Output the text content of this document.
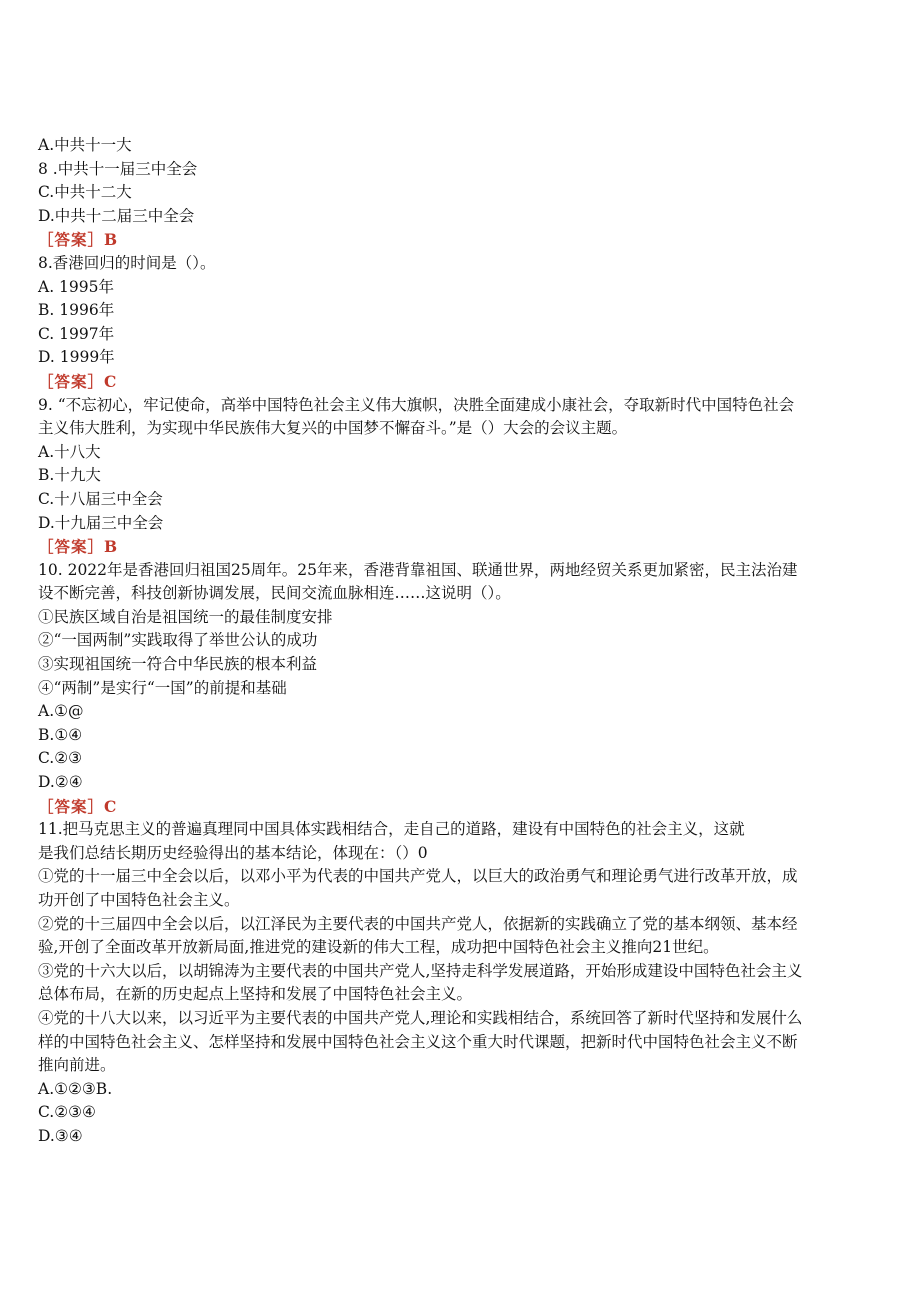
A.中共十一大
8 .中共十一届三中全会
C.中共十二大
D.中共十二届三中全会
［答案］B
8.香港回归的时间是（）。
A. 1995年
B. 1996年
C. 1997年
D. 1999年
［答案］C
9. “不忘初心，牢记使命，高举中国特色社会主义伟大旗帜，决胜全面建成小康社会，夺取新时代中国特色社会
主义伟大胜利，为实现中华民族伟大复兴的中国梦不懈奋斗。”是（）大会的会议主题。
A.十八大
B.十九大
C.十八届三中全会
D.十九届三中全会
［答案］B
10. 2022年是香港回归祖国25周年。25年来，香港背靠祖国、联通世界，两地经贸关系更加紧密，民主法治建
设不断完善，科技创新协调发展，民间交流血脉相连……这说明（）。
①民族区域自治是祖国统一的最佳制度安排
②“一国两制”实践取得了举世公认的成功
③实现祖国统一符合中华民族的根本利益
④“两制”是实行“一国”的前提和基础
A.①@
B.①④
C.②③
D.②④
［答案］C
11.把马克思主义的普遍真理同中国具体实践相结合，走自己的道路，建设有中国特色的社会主义，这就
是我们总结长期历史经验得出的基本结论，体现在：（）0
①党的十一届三中全会以后，以邓小平为代表的中国共产党人，以巨大的政治勇气和理论勇气进行改革开放，成
功开创了中国特色社会主义。
②党的十三届四中全会以后，以江泽民为主要代表的中国共产党人，依据新的实践确立了党的基本纲领、基本经
验,开创了全面改革开放新局面,推进党的建设新的伟大工程，成功把中国特色社会主义推向21世纪。
③党的十六大以后，以胡锦涛为主要代表的中国共产党人,坚持走科学发展道路，开始形成建设中国特色社会主义
总体布局，在新的历史起点上坚持和发展了中国特色社会主义。
④党的十八大以来，以习近平为主要代表的中国共产党人,理论和实践相结合，系统回答了新时代坚持和发展什么
样的中国特色社会主义、怎样坚持和发展中国特色社会主义这个重大时代课题，把新时代中国特色社会主义不断
推向前进。
A.①②③B.
C.②③④
D.③④
